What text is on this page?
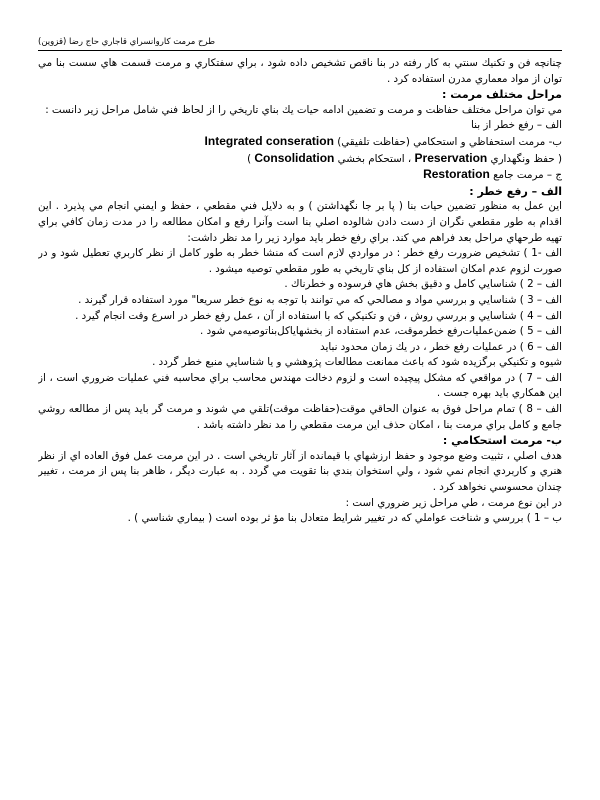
طرح مرمت كاروانسراي قاجاري حاج رضا (قزوين)

چنانچه فن و تكنيك سنتي به كار رفته در بنا ناقص تشخيص داده شود ، براي سفتكاري و مرمت قسمت هاي سست بنا مي توان از مواد معماري مدرن استفاده كرد .

مراحل مختلف مرمت :

مي توان مراحل مختلف حفاظت و مرمت و تضمين ادامه حيات يك بناي تاريخي را از لحاظ فني شامل مراحل زير دانست :

الف – رفع خطر از بنا

ب- مرمت استحفاظي و استحكامي (حفاظت تلفيقي) Integrated conseration

( حفظ ونگهداري Preservation ، استحكام بخشي Consolidation )

ج – مرمت جامع Restoration

الف – رفع خطر :

اين عمل به منظور تضمين حيات بنا ( پا بر جا نگهداشتن ) و به دلايل فني مقطعي ، حفظ و ايمني انجام مي پذيرد . اين اقدام به طور مقطعي نگران از دست دادن شالوده اصلي بنا است وآنرا رفع و امكان مطالعه را در مدت زمان كافي براي تهيه طرحهاي مراحل بعد فراهم مي كند. براي رفع خطر بايد موارد زير را مد نظر داشت:

الف -1 ) تشخيص ضرورت رفع خطر : در مواردي لازم است كه منشا خطر به طور كامل از نظر كاربري تعطيل شود و در صورت لزوم عدم امكان استفاده از كل بناي تاريخي به طور مقطعي توصيه ميشود .

الف – 2 ) شناسايي كامل و دقيق بخش هاي فرسوده و خطرناك .

الف – 3 ) شناسايي و بررسي مواد و مصالحي كه مي توانند با توجه به نوع خطر سريعا" مورد استفاده قرار گيرند .

الف – 4 ) شناسايي و بررسي روش ، فن و تكنيكي كه با استفاده از آن ، عمل رفع خطر در اسرع وقت انجام گيرد .

الف – 5 ) ضمن‌عملیات‌رفع خطر‌موقت، عدم استفاده از بخشهاياكل‌بناتوصيه‌مي شود .

الف – 6 ) در عمليات رفع خطر ، در يك زمان محدود نبايد

شيوه و تكنيكي برگزيده شود كه باعث ممانعت مطالعات پژوهشي و يا شناسايي منبع خطر گردد .

الف – 7 ) در مواقعي كه مشكل پيچيده است و لزوم دخالت مهندس محاسب براي محاسبه فني عمليات ضروري است ، از اين همكاري بايد بهره جست .

الف – 8 ) تمام مراحل فوق به عنوان الحاقي موقت(حفاظت موقت)تلقي مي شوند و مرمت گر بايد پس از مطالعه روشي جامع و كامل براي مرمت بنا ، امكان حذف اين مرمت مقطعي را مد نظر داشته باشد .

ب- مرمت استحكامي :

هدف اصلي ، تثبيت وضع موجود و حفظ ارزشهاي با قيمانده از آثار تاريخي است . در اين مرمت عمل فوق العاده اي از نظر هنري و كاربردي انجام نمي شود ، ولي استخوان بندي بنا تقويت مي گردد . به عبارت ديگر ، ظاهر بنا پس از مرمت ، تغيير چندان محسوسي نخواهد كرد .

در اين نوع مرمت ، طي مراحل زير ضروري است :

ب – 1 ) بررسي و شناخت عواملي كه در تغيير شرايط متعادل بنا مؤ ثر بوده است ( بيماري شناسي ) .
